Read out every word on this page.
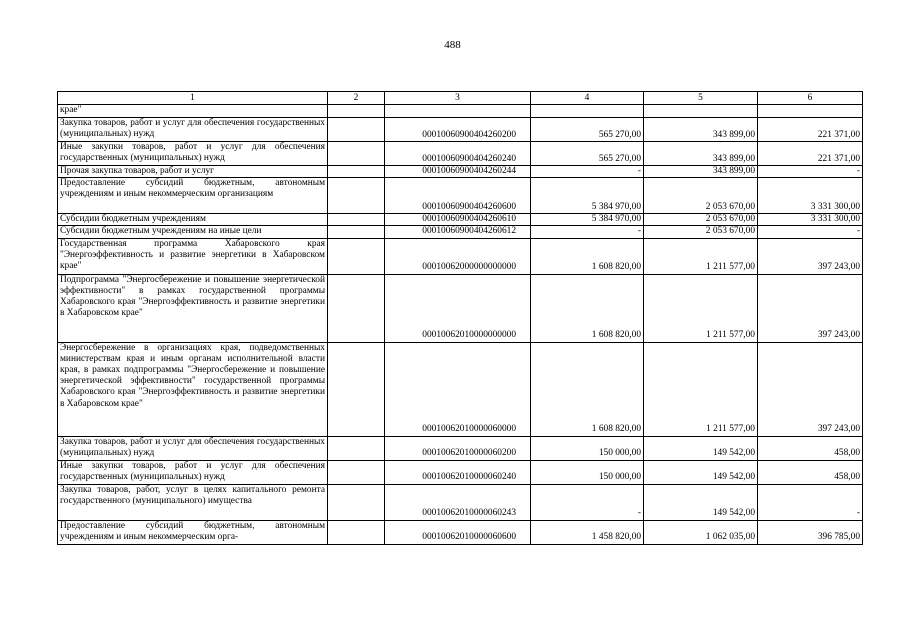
488
1	2	3	4	5	6
крае"					
Закупка товаров, работ и услуг для обеспечения государственных (муниципальных) нужд		00010060900404260200	565 270,00	343 899,00	221 371,00
Иные закупки товаров, работ и услуг для обеспечения государственных (муниципальных) нужд		00010060900404260240	565 270,00	343 899,00	221 371,00
Прочая закупка товаров, работ и услуг		00010060900404260244	-	343 899,00	-
Предоставление субсидий бюджетным, автономным учреждениям и иным некоммерческим организациям		00010060900404260600	5 384 970,00	2 053 670,00	3 331 300,00
Субсидии бюджетным учреждениям		00010060900404260610	5 384 970,00	2 053 670,00	3 331 300,00
Субсидии бюджетным учреждениям на иные цели		00010060900404260612	-	2 053 670,00	-
Государственная программа Хабаровского края "Энергоэффективность и развитие энергетики в Хабаровском крае"		00010062000000000000	1 608 820,00	1 211 577,00	397 243,00
Подпрограмма "Энергосбережение и повышение энергетической эффективности" в рамках государственной программы Хабаровского края "Энергоэффективность и развитие энергетики в Хабаровском крае"		00010062010000000000	1 608 820,00	1 211 577,00	397 243,00
Энергосбережение в организациях края, подведомственных министерствам края и иным органам исполнительной власти края, в рамках подпрограммы "Энергосбережение и повышение энергетической эффективности" государственной программы Хабаровского края "Энергоэффективность и развитие энергетики в Хабаровском крае"		00010062010000060000	1 608 820,00	1 211 577,00	397 243,00
Закупка товаров, работ и услуг для обеспечения государственных (муниципальных) нужд		00010062010000060200	150 000,00	149 542,00	458,00
Иные закупки товаров, работ и услуг для обеспечения государственных (муниципальных) нужд		00010062010000060240	150 000,00	149 542,00	458,00
Закупка товаров, работ, услуг в целях капитального ремонта государственного (муниципального) имущества		00010062010000060243	-	149 542,00	-
Предоставление субсидий бюджетным, автономным учреждениям и иным некоммерческим орга-		00010062010000060600	1 458 820,00	1 062 035,00	396 785,00
